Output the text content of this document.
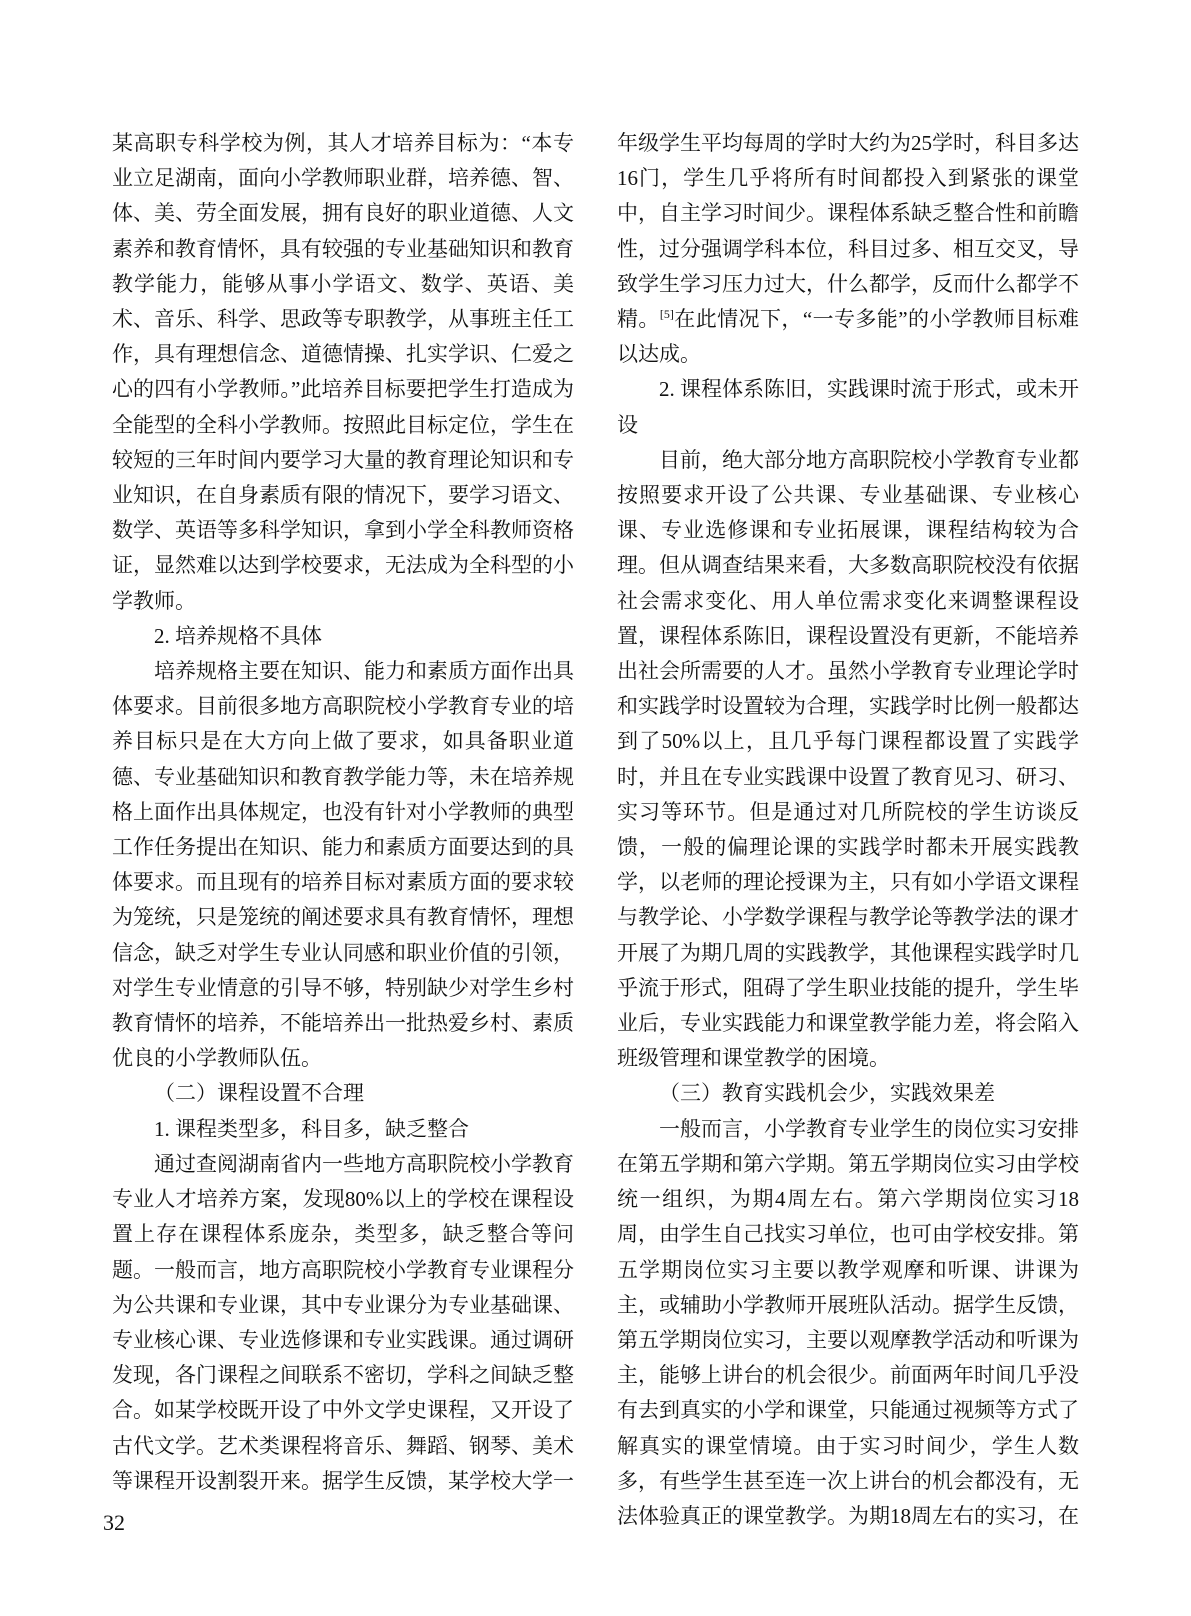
某高职专科学校为例，其人才培养目标为：“本专业立足湖南，面向小学教师职业群，培养德、智、体、美、劳全面发展，拥有良好的职业道德、人文素养和教育情怀，具有较强的专业基础知识和教育教学能力，能够从事小学语文、数学、英语、美术、音乐、科学、思政等专职教学，从事班主任工作，具有理想信念、道德情操、扎实学识、仁爱之心的四有小学教师。”此培养目标要把学生打造成为全能型的全科小学教师。按照此目标定位，学生在较短的三年时间内要学习大量的教育理论知识和专业知识，在自身素质有限的情况下，要学习语文、数学、英语等多科学知识，拿到小学全科教师资格证，显然难以达到学校要求，无法成为全科型的小学教师。

2. 培养规格不具体

培养规格主要在知识、能力和素质方面作出具体要求。目前很多地方高职院校小学教育专业的培养目标只是在大方向上做了要求，如具备职业道德、专业基础知识和教育教学能力等，未在培养规格上面作出具体规定，也没有针对小学教师的典型工作任务提出在知识、能力和素质方面要达到的具体要求。而且现有的培养目标对素质方面的要求较为笼统，只是笼统的阐述要求具有教育情怀，理想信念，缺乏对学生专业认同感和职业价值的引领，对学生专业情意的引导不够，特别缺少对学生乡村教育情怀的培养，不能培养出一批热爱乡村、素质优良的小学教师队伍。

（二）课程设置不合理

1. 课程类型多，科目多，缺乏整合

通过查阅湖南省内一些地方高职院校小学教育专业人才培养方案，发现80%以上的学校在课程设置上存在课程体系庞杂，类型多，缺乏整合等问题。一般而言，地方高职院校小学教育专业课程分为公共课和专业课，其中专业课分为专业基础课、专业核心课、专业选修课和专业实践课。通过调研发现，各门课程之间联系不密切，学科之间缺乏整合。如某学校既开设了中外文学史课程，又开设了古代文学。艺术类课程将音乐、舞蹈、钢琴、美术等课程开设割裂开来。据学生反馈，某学校大学一

年级学生平均每周的学时大约为25学时，科目多达16门，学生几乎将所有时间都投入到紧张的课堂中，自主学习时间少。课程体系缺乏整合性和前瞻性，过分强调学科本位，科目过多、相互交叉，导致学生学习压力过大，什么都学，反而什么都学不精。[5]在此情况下，“一专多能”的小学教师目标难以达成。

2. 课程体系陈旧，实践课时流于形式，或未开设

目前，绝大部分地方高职院校小学教育专业都按照要求开设了公共课、专业基础课、专业核心课、专业选修课和专业拓展课，课程结构较为合理。但从调查结果来看，大多数高职院校没有依据社会需求变化、用人单位需求变化来调整课程设置，课程体系陈旧，课程设置没有更新，不能培养出社会所需要的人才。虽然小学教育专业理论学时和实践学时设置较为合理，实践学时比例一般都达到了50%以上，且几乎每门课程都设置了实践学时，并且在专业实践课中设置了教育见习、研习、实习等环节。但是通过对几所院校的学生访谈反馈，一般的偏理论课的实践学时都未开展实践教学，以老师的理论授课为主，只有如小学语文课程与教学论、小学数学课程与教学论等教学法的课才开展了为期几周的实践教学，其他课程实践学时几乎流于形式，阻碍了学生职业技能的提升，学生毕业后，专业实践能力和课堂教学能力差，将会陷入班级管理和课堂教学的困境。

（三）教育实践机会少，实践效果差

一般而言，小学教育专业学生的岗位实习安排在第五学期和第六学期。第五学期岗位实习由学校统一组织，为期4周左右。第六学期岗位实习18周，由学生自己找实习单位，也可由学校安排。第五学期岗位实习主要以教学观摩和听课、讲课为主，或辅助小学教师开展班队活动。据学生反馈，第五学期岗位实习，主要以观摩教学活动和听课为主，能够上讲台的机会很少。前面两年时间几乎没有去到真实的小学和课堂，只能通过视频等方式了解真实的课堂情境。由于实习时间少，学生人数多，有些学生甚至连一次上讲台的机会都没有，无法体验真正的课堂教学。为期18周左右的实习，在

32
